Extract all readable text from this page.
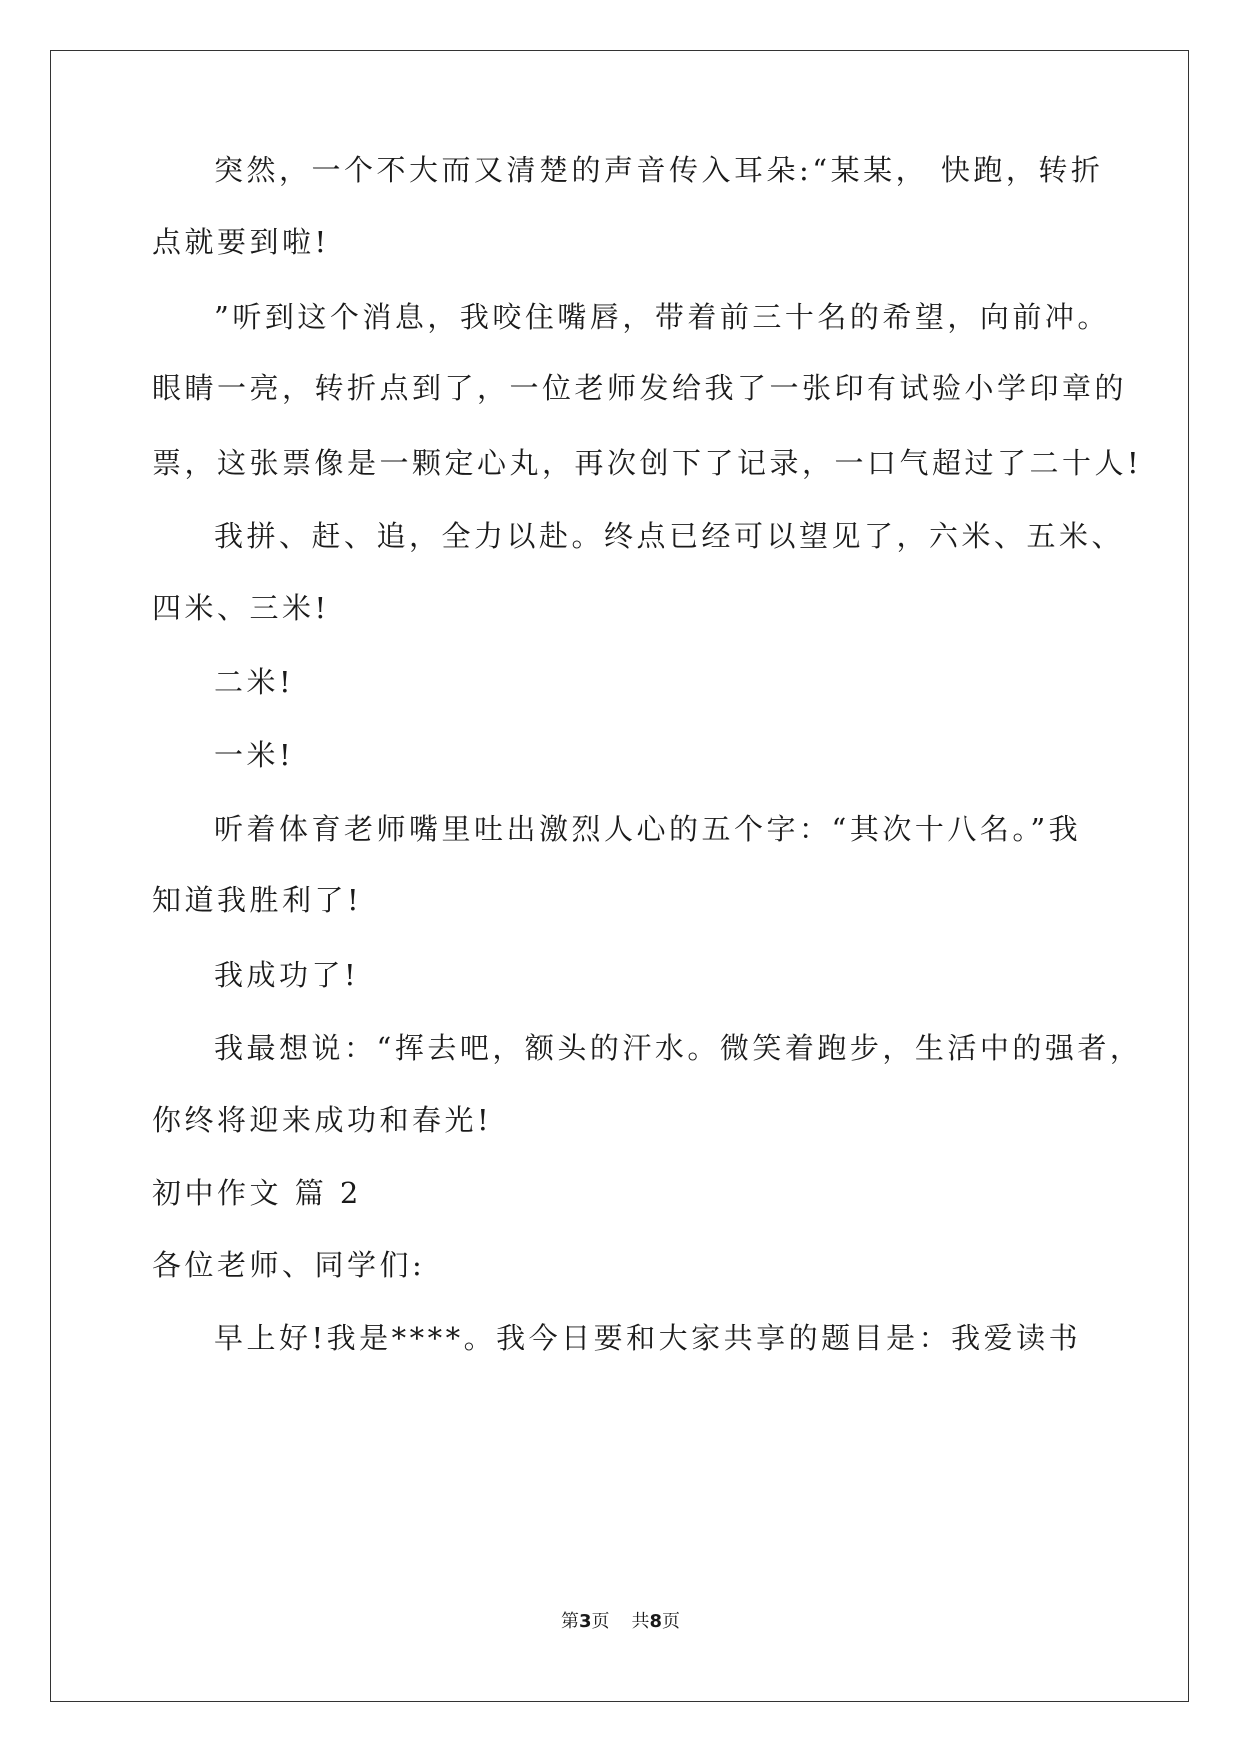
突然，一个不大而又清楚的声音传入耳朵:“某某， 快跑，转折
点就要到啦!
”听到这个消息，我咬住嘴唇，带着前三十名的希望，向前冲。
眼睛一亮，转折点到了，一位老师发给我了一张印有试验小学印章的
票，这张票像是一颗定心丸，再次创下了记录，一口气超过了二十人!
我拼、赶、追，全力以赴。终点已经可以望见了，六米、五米、
四米、三米!
二米!
一米!
听着体育老师嘴里吐出激烈人心的五个字：“其次十八名。”我
知道我胜利了!
我成功了!
我最想说：“挥去吧，额头的汗水。微笑着跑步，生活中的强者，
你终将迎来成功和春光!
初中作文 篇 2
各位老师、同学们:
早上好!我是****。我今日要和大家共享的题目是：我爱读书
第3页 共8页
